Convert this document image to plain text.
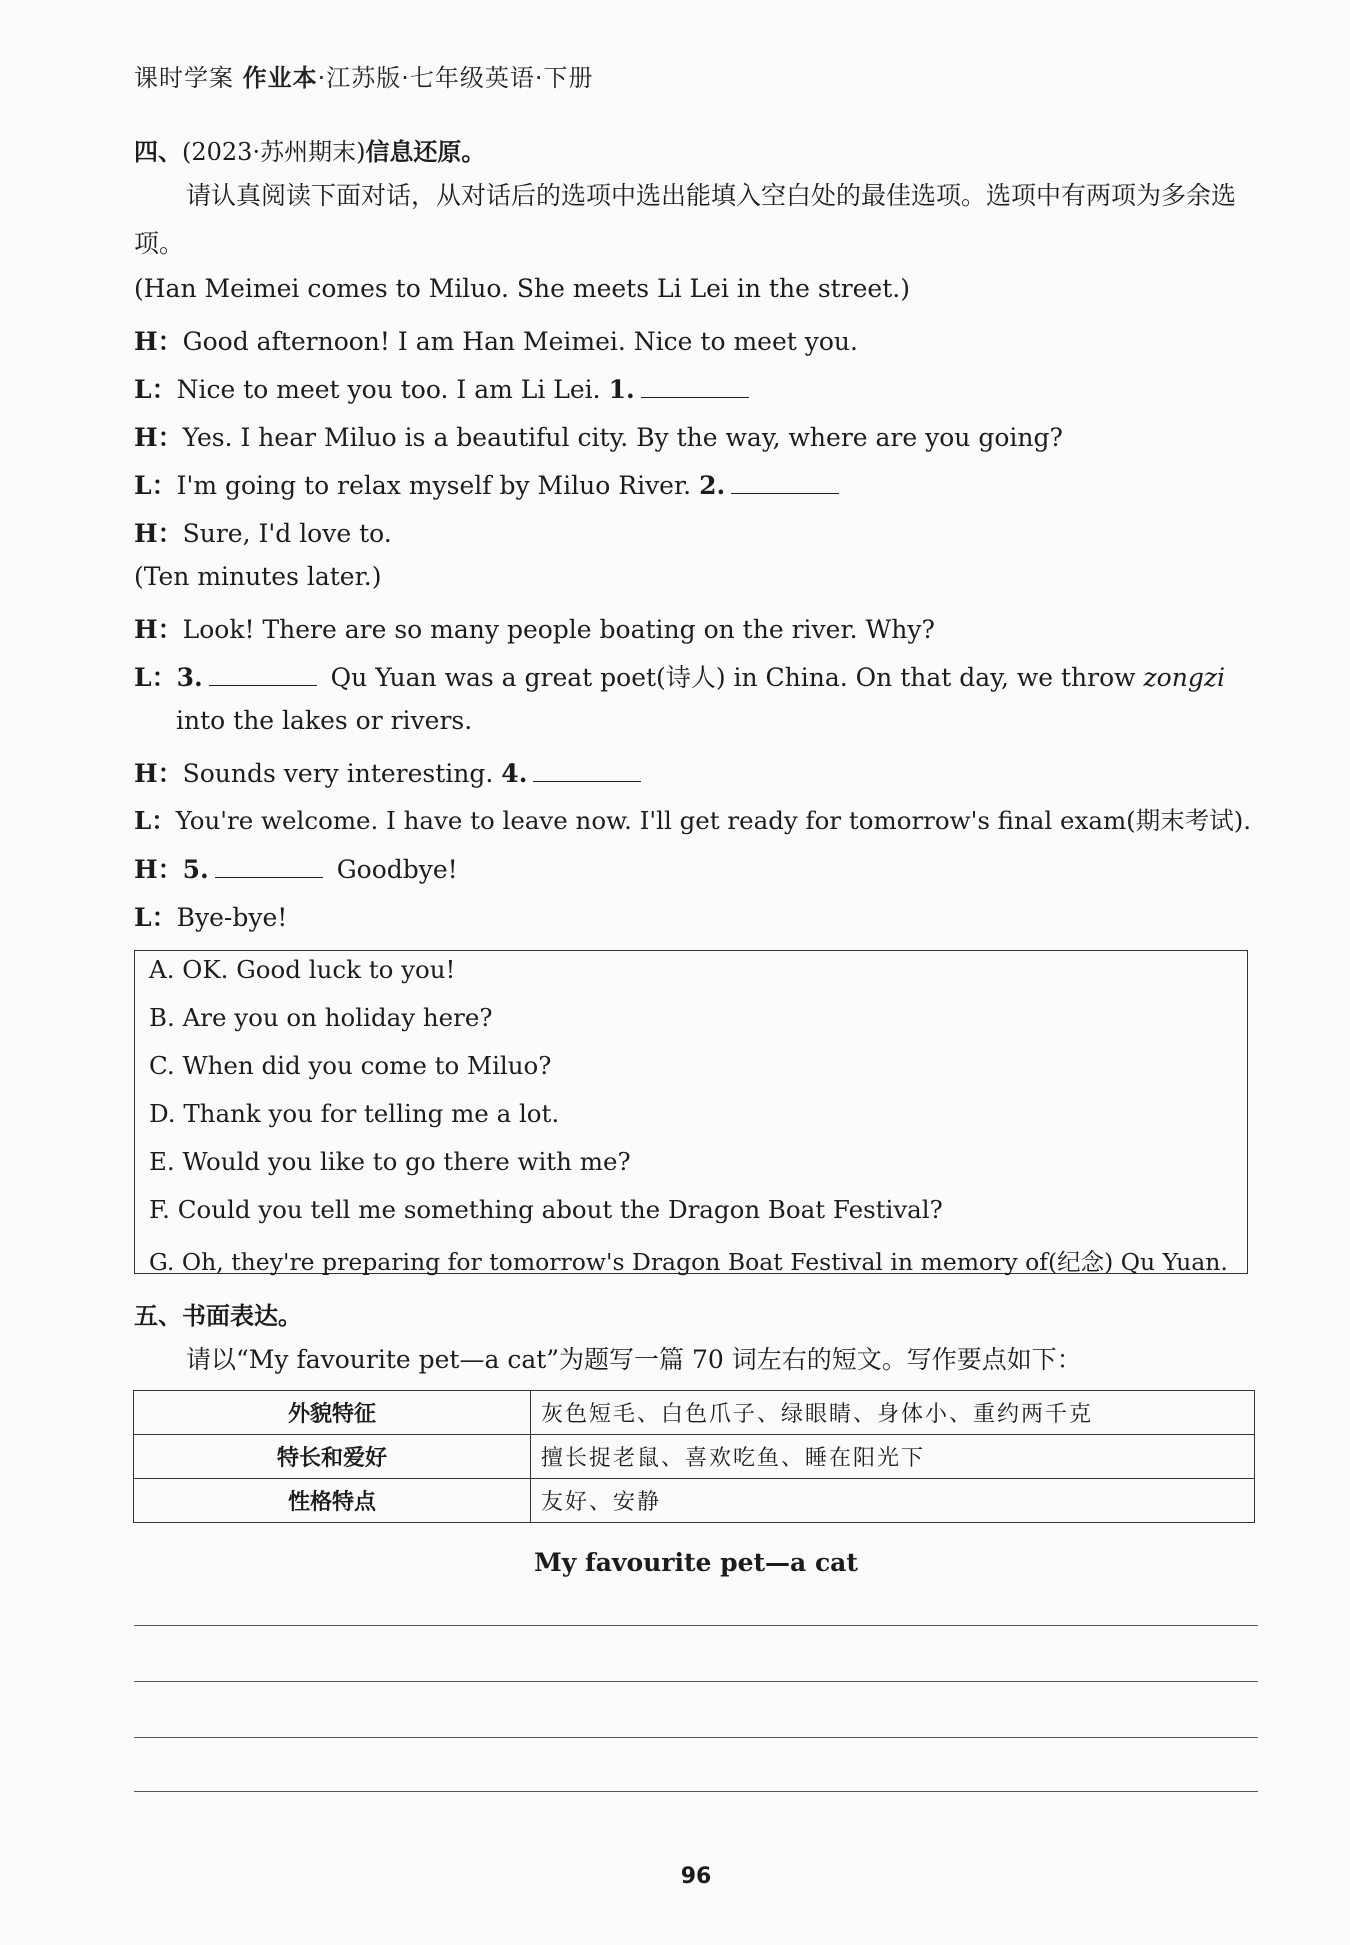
课时学案 作业本·江苏版·七年级英语·下册
四、(2023·苏州期末)信息还原。
请认真阅读下面对话，从对话后的选项中选出能填入空白处的最佳选项。选项中有两项为多余选项。
(Han Meimei comes to Miluo. She meets Li Lei in the street.)
H：Good afternoon! I am Han Meimei. Nice to meet you.
L：Nice to meet you too. I am Li Lei. 1.
H：Yes. I hear Miluo is a beautiful city. By the way, where are you going?
L：I'm going to relax myself by Miluo River. 2.
H：Sure, I'd love to.
(Ten minutes later.)
H：Look! There are so many people boating on the river. Why?
L：3.	Qu Yuan was a great poet(诗人) in China. On that day, we throw zongzi
into the lakes or rivers.
H：Sounds very interesting. 4.
L：You're welcome. I have to leave now. I'll get ready for tomorrow's final exam(期末考试).
H：5.	Goodbye!
L：Bye-bye!
A. OK. Good luck to you!
B. Are you on holiday here?
C. When did you come to Miluo?
D. Thank you for telling me a lot.
E. Would you like to go there with me?
F. Could you tell me something about the Dragon Boat Festival?
G. Oh, they're preparing for tomorrow's Dragon Boat Festival in memory of(纪念) Qu Yuan.
五、书面表达。
请以“My favourite pet—a cat”为题写一篇 70 词左右的短文。写作要点如下：
外貌特征	灰色短毛、白色爪子、绿眼睛、身体小、重约两千克
特长和爱好	擅长捉老鼠、喜欢吃鱼、睡在阳光下
性格特点	友好、安静
My favourite pet—a cat
96
